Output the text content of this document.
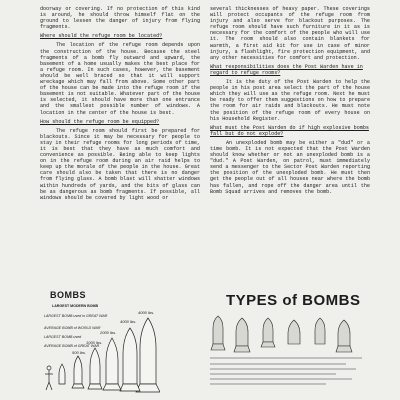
doorway or covering. If no protection of this kind is around, he should throw himself flat on the ground to lessen the danger of injury from flying fragments.

Where should the refuge room be located?

The location of the refuge room depends upon the construction of the house. Because the steel fragments of a bomb fly outward and upward, the basement of a home usually makes the best place for a refuge room. In such cases, however, the basement should be well braced so that it will support wreckage which may fall from above. Some other part of the house can be made into the refuge room if the basement is not suitable. Whatever part of the house is selected, it should have more than one entrance and the smallest possible number of windows. A location in the center of the house is best.

How should the refuge room be equipped?

The refuge room should first be prepared for blackouts. Since it may be necessary for people to stay in their refuge rooms for long periods of time, it is best that they have as much comfort and convenience as possible. Being able to keep lights on in the refuge room during an air raid helps to keep up the morale of the people in the house. Great care should also be taken that there is no danger from flying glass. A bomb blast will shatter windows within hundreds of yards, and the bits of glass can be as dangerous as bomb fragments. If possible, all windows should be covered by light wood or

several thicknesses of heavy paper. These coverings will protect occupants of the refuge room from injury and also serve for blackout purposes. The refuge room should have such furniture in it as is necessary for the comfort of the people who will use it. The room should also contain blankets for warmth, a first aid kit for use in case of minor injury, a flashlight, fire protection equipment, and any other necessities for comfort and protection.

What responsibilities does the Post Warden have in regard to refuge rooms?

It is the duty of the Post Warden to help the people in his post area select the part of the house which they will use as the refuge room. Next he must be ready to offer them suggestions on how to prepare the room for air raids and blackouts. He must note the position of the refuge room of every house on his Household Register.

What must the Post Warden do if high explosive bombs fall but do not explode?

An unexploded bomb may be either a "dud" or a time bomb. It is not expected that the Post Warden should know whether or not an unexploded bomb is a "dud." A Post Warden, on patrol, must immediately send a messenger to the Sector Post Warden reporting the position of the unexploded bomb. He must then get the people out of all houses near where the bomb has fallen, and rope off the danger area until the Bomb Squad arrives and removes the bomb.

BOMBS
LARGEST MODERN BOMB
LARGEST BOMB used in GREAT WAR
AVERAGE BOMB of WORLD WAR
LARGEST BOMB used
AVERAGE BOMB of GREAT WAR
4000 lbs.
4000 lbs.
2000 lbs.
1000 lbs.
500 lbs.
TYPES of BOMBS
